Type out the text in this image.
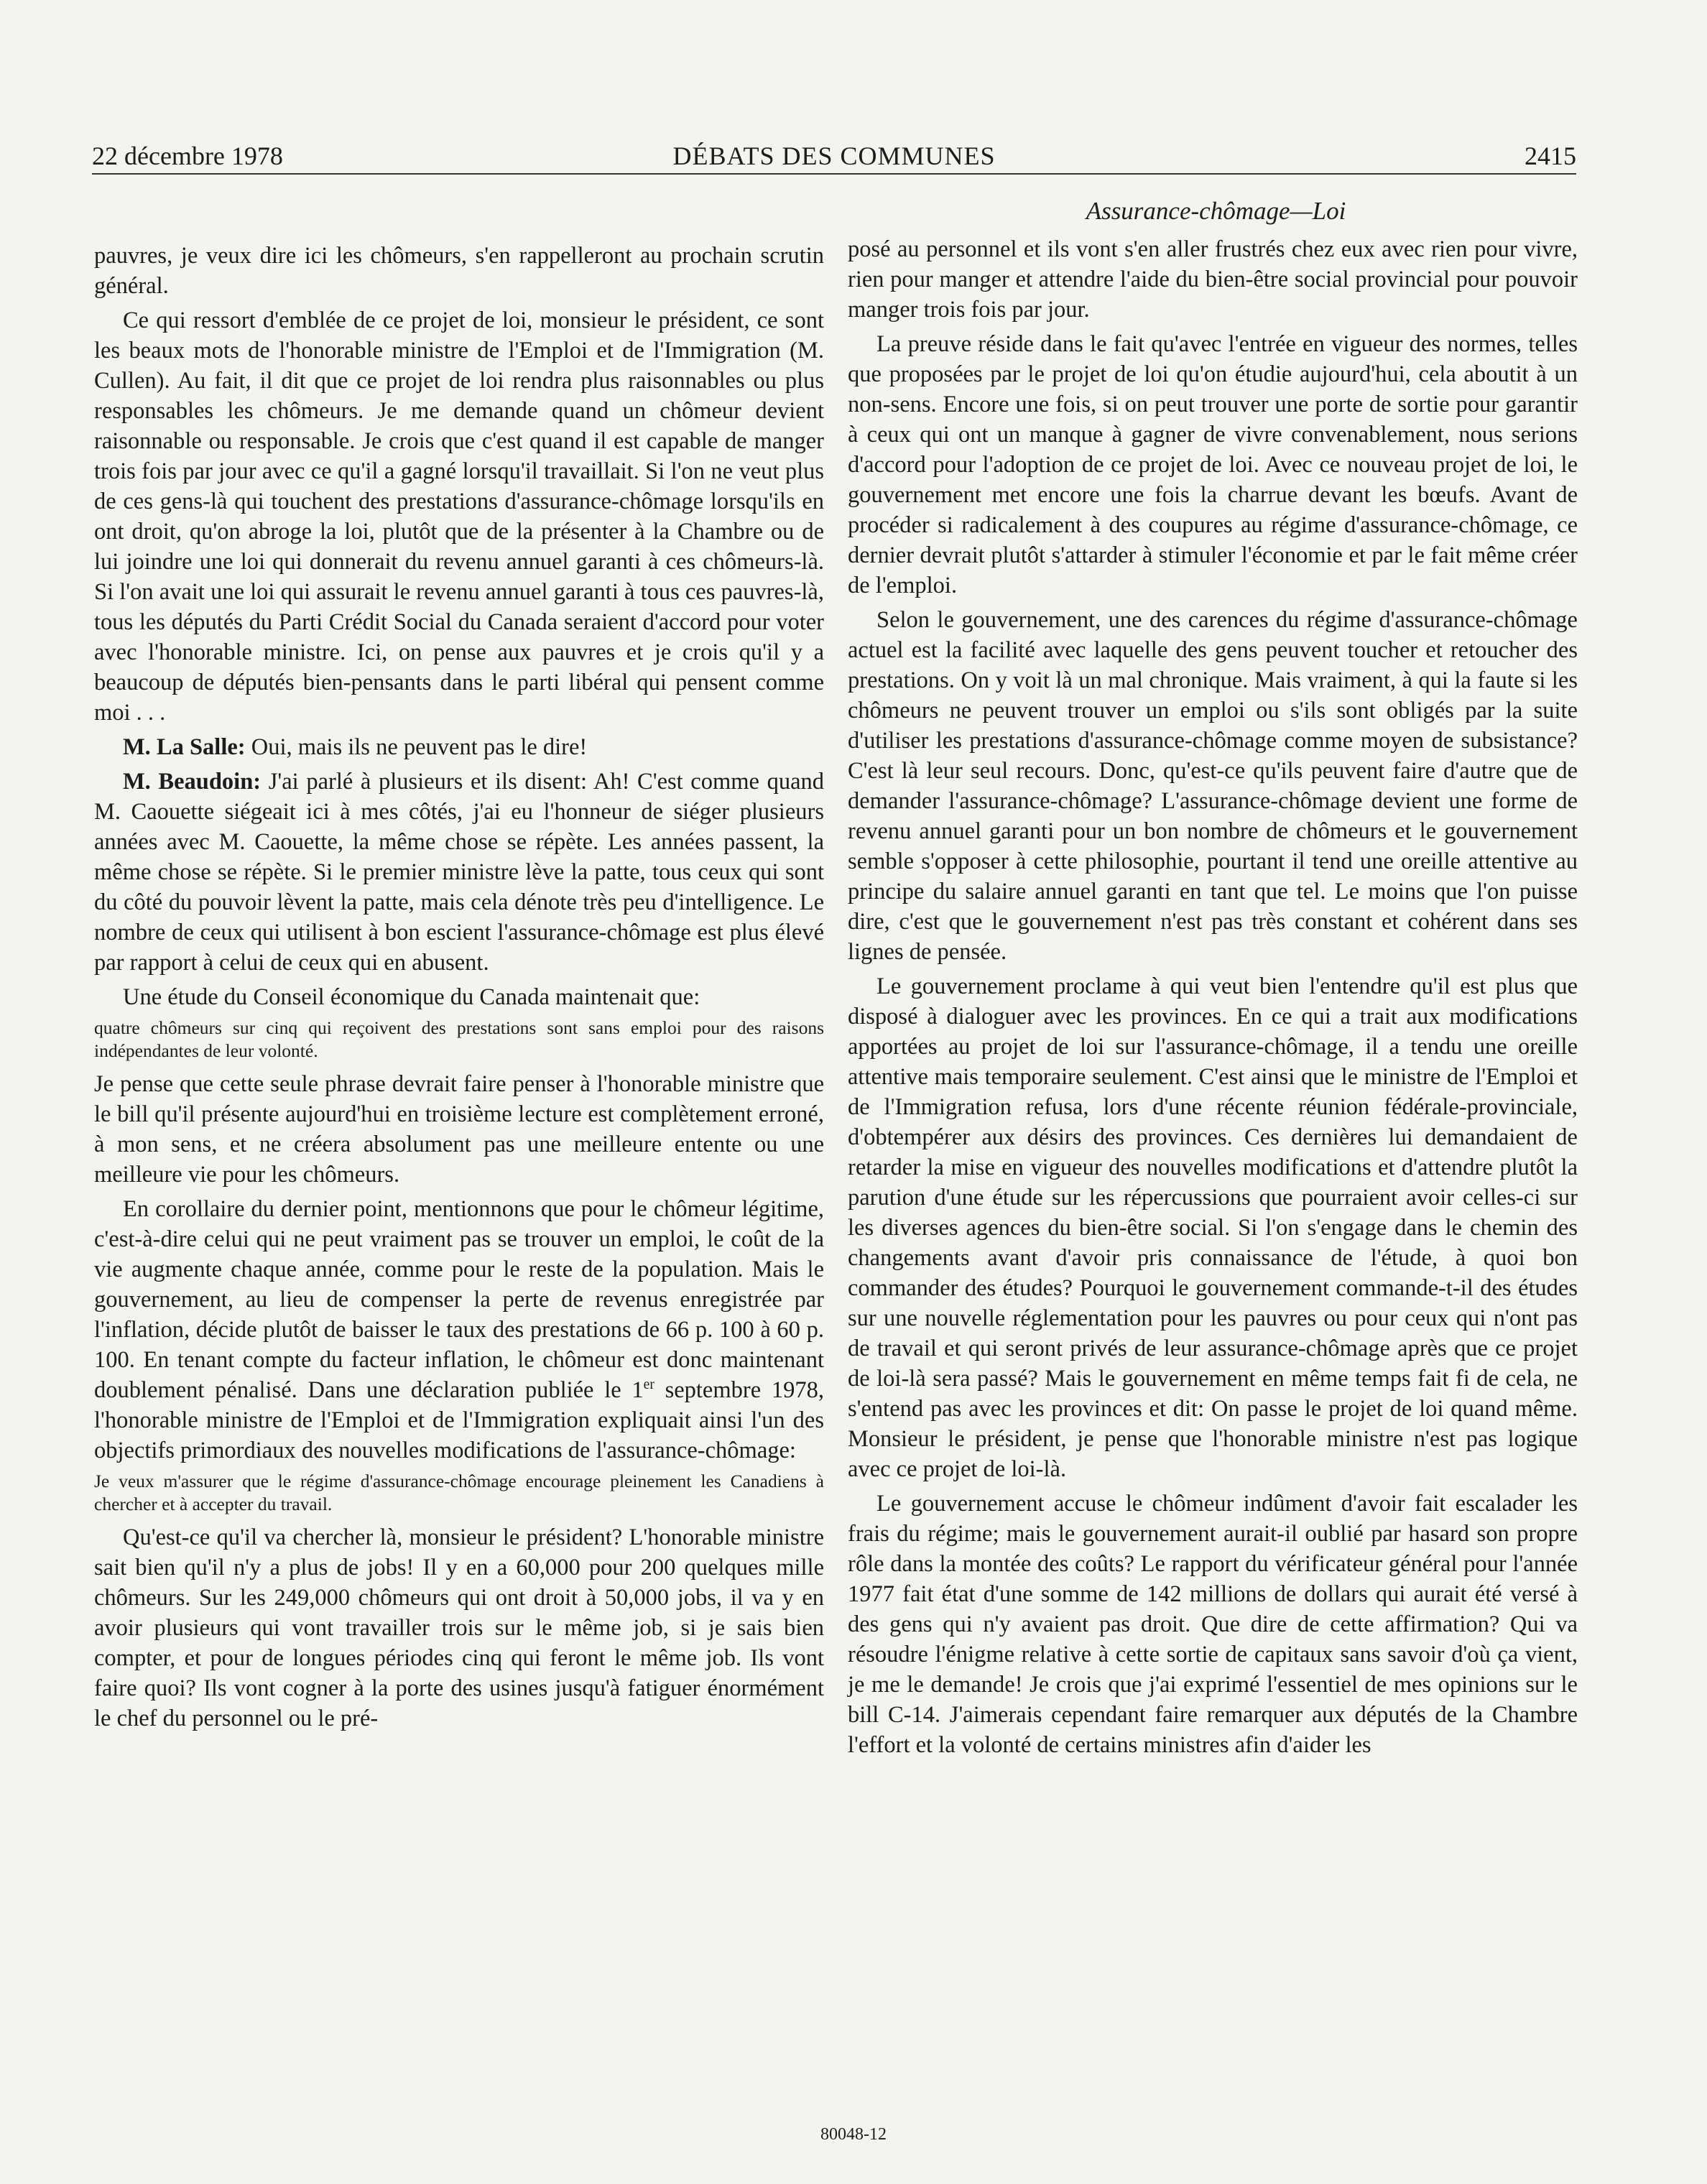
22 décembre 1978	DÉBATS DES COMMUNES	2415
Assurance-chômage—Loi

pauvres, je veux dire ici les chômeurs, s'en rappelleront au prochain scrutin général.

Ce qui ressort d'emblée de ce projet de loi, monsieur le président, ce sont les beaux mots de l'honorable ministre de l'Emploi et de l'Immigration (M. Cullen). Au fait, il dit que ce projet de loi rendra plus raisonnables ou plus responsables les chômeurs. Je me demande quand un chômeur devient raisonnable ou responsable. Je crois que c'est quand il est capable de manger trois fois par jour avec ce qu'il a gagné lorsqu'il travaillait. Si l'on ne veut plus de ces gens-là qui touchent des prestations d'assurance-chômage lorsqu'ils en ont droit, qu'on abroge la loi, plutôt que de la présenter à la Chambre ou de lui joindre une loi qui donnerait du revenu annuel garanti à ces chômeurs-là. Si l'on avait une loi qui assurait le revenu annuel garanti à tous ces pauvres-là, tous les députés du Parti Crédit Social du Canada seraient d'accord pour voter avec l'honorable ministre. Ici, on pense aux pauvres et je crois qu'il y a beaucoup de députés bien-pensants dans le parti libéral qui pensent comme moi . . .

M. La Salle: Oui, mais ils ne peuvent pas le dire!

M. Beaudoin: J'ai parlé à plusieurs et ils disent: Ah! C'est comme quand M. Caouette siégeait ici à mes côtés, j'ai eu l'honneur de siéger plusieurs années avec M. Caouette, la même chose se répète. Les années passent, la même chose se répète. Si le premier ministre lève la patte, tous ceux qui sont du côté du pouvoir lèvent la patte, mais cela dénote très peu d'intelligence. Le nombre de ceux qui utilisent à bon escient l'assurance-chômage est plus élevé par rapport à celui de ceux qui en abusent.

Une étude du Conseil économique du Canada maintenait que:

quatre chômeurs sur cinq qui reçoivent des prestations sont sans emploi pour des raisons indépendantes de leur volonté.

Je pense que cette seule phrase devrait faire penser à l'honorable ministre que le bill qu'il présente aujourd'hui en troisième lecture est complètement erroné, à mon sens, et ne créera absolument pas une meilleure entente ou une meilleure vie pour les chômeurs.

En corollaire du dernier point, mentionnons que pour le chômeur légitime, c'est-à-dire celui qui ne peut vraiment pas se trouver un emploi, le coût de la vie augmente chaque année, comme pour le reste de la population. Mais le gouvernement, au lieu de compenser la perte de revenus enregistrée par l'inflation, décide plutôt de baisser le taux des prestations de 66 p. 100 à 60 p. 100. En tenant compte du facteur inflation, le chômeur est donc maintenant doublement pénalisé. Dans une déclaration publiée le 1er septembre 1978, l'honorable ministre de l'Emploi et de l'Immigration expliquait ainsi l'un des objectifs primordiaux des nouvelles modifications de l'assurance-chômage:

Je veux m'assurer que le régime d'assurance-chômage encourage pleinement les Canadiens à chercher et à accepter du travail.

Qu'est-ce qu'il va chercher là, monsieur le président? L'honorable ministre sait bien qu'il n'y a plus de jobs! Il y en a 60,000 pour 200 quelques mille chômeurs. Sur les 249,000 chômeurs qui ont droit à 50,000 jobs, il va y en avoir plusieurs qui vont travailler trois sur le même job, si je sais bien compter, et pour de longues périodes cinq qui feront le même job. Ils vont faire quoi? Ils vont cogner à la porte des usines jusqu'à fatiguer énormément le chef du personnel ou le pré-

posé au personnel et ils vont s'en aller frustrés chez eux avec rien pour vivre, rien pour manger et attendre l'aide du bien-être social provincial pour pouvoir manger trois fois par jour.

La preuve réside dans le fait qu'avec l'entrée en vigueur des normes, telles que proposées par le projet de loi qu'on étudie aujourd'hui, cela aboutit à un non-sens. Encore une fois, si on peut trouver une porte de sortie pour garantir à ceux qui ont un manque à gagner de vivre convenablement, nous serions d'accord pour l'adoption de ce projet de loi. Avec ce nouveau projet de loi, le gouvernement met encore une fois la charrue devant les bœufs. Avant de procéder si radicalement à des coupures au régime d'assurance-chômage, ce dernier devrait plutôt s'attarder à stimuler l'économie et par le fait même créer de l'emploi.

Selon le gouvernement, une des carences du régime d'assurance-chômage actuel est la facilité avec laquelle des gens peuvent toucher et retoucher des prestations. On y voit là un mal chronique. Mais vraiment, à qui la faute si les chômeurs ne peuvent trouver un emploi ou s'ils sont obligés par la suite d'utiliser les prestations d'assurance-chômage comme moyen de subsistance? C'est là leur seul recours. Donc, qu'est-ce qu'ils peuvent faire d'autre que de demander l'assurance-chômage? L'assurance-chômage devient une forme de revenu annuel garanti pour un bon nombre de chômeurs et le gouvernement semble s'opposer à cette philosophie, pourtant il tend une oreille attentive au principe du salaire annuel garanti en tant que tel. Le moins que l'on puisse dire, c'est que le gouvernement n'est pas très constant et cohérent dans ses lignes de pensée.

Le gouvernement proclame à qui veut bien l'entendre qu'il est plus que disposé à dialoguer avec les provinces. En ce qui a trait aux modifications apportées au projet de loi sur l'assurance-chômage, il a tendu une oreille attentive mais temporaire seulement. C'est ainsi que le ministre de l'Emploi et de l'Immigration refusa, lors d'une récente réunion fédérale-provinciale, d'obtempérer aux désirs des provinces. Ces dernières lui demandaient de retarder la mise en vigueur des nouvelles modifications et d'attendre plutôt la parution d'une étude sur les répercussions que pourraient avoir celles-ci sur les diverses agences du bien-être social. Si l'on s'engage dans le chemin des changements avant d'avoir pris connaissance de l'étude, à quoi bon commander des études? Pourquoi le gouvernement commande-t-il des études sur une nouvelle réglementation pour les pauvres ou pour ceux qui n'ont pas de travail et qui seront privés de leur assurance-chômage après que ce projet de loi-là sera passé? Mais le gouvernement en même temps fait fi de cela, ne s'entend pas avec les provinces et dit: On passe le projet de loi quand même. Monsieur le président, je pense que l'honorable ministre n'est pas logique avec ce projet de loi-là.

Le gouvernement accuse le chômeur indûment d'avoir fait escalader les frais du régime; mais le gouvernement aurait-il oublié par hasard son propre rôle dans la montée des coûts? Le rapport du vérificateur général pour l'année 1977 fait état d'une somme de 142 millions de dollars qui aurait été versé à des gens qui n'y avaient pas droit. Que dire de cette affirmation? Qui va résoudre l'énigme relative à cette sortie de capitaux sans savoir d'où ça vient, je me le demande! Je crois que j'ai exprimé l'essentiel de mes opinions sur le bill C-14. J'aimerais cependant faire remarquer aux députés de la Chambre l'effort et la volonté de certains ministres afin d'aider les

80048-12
